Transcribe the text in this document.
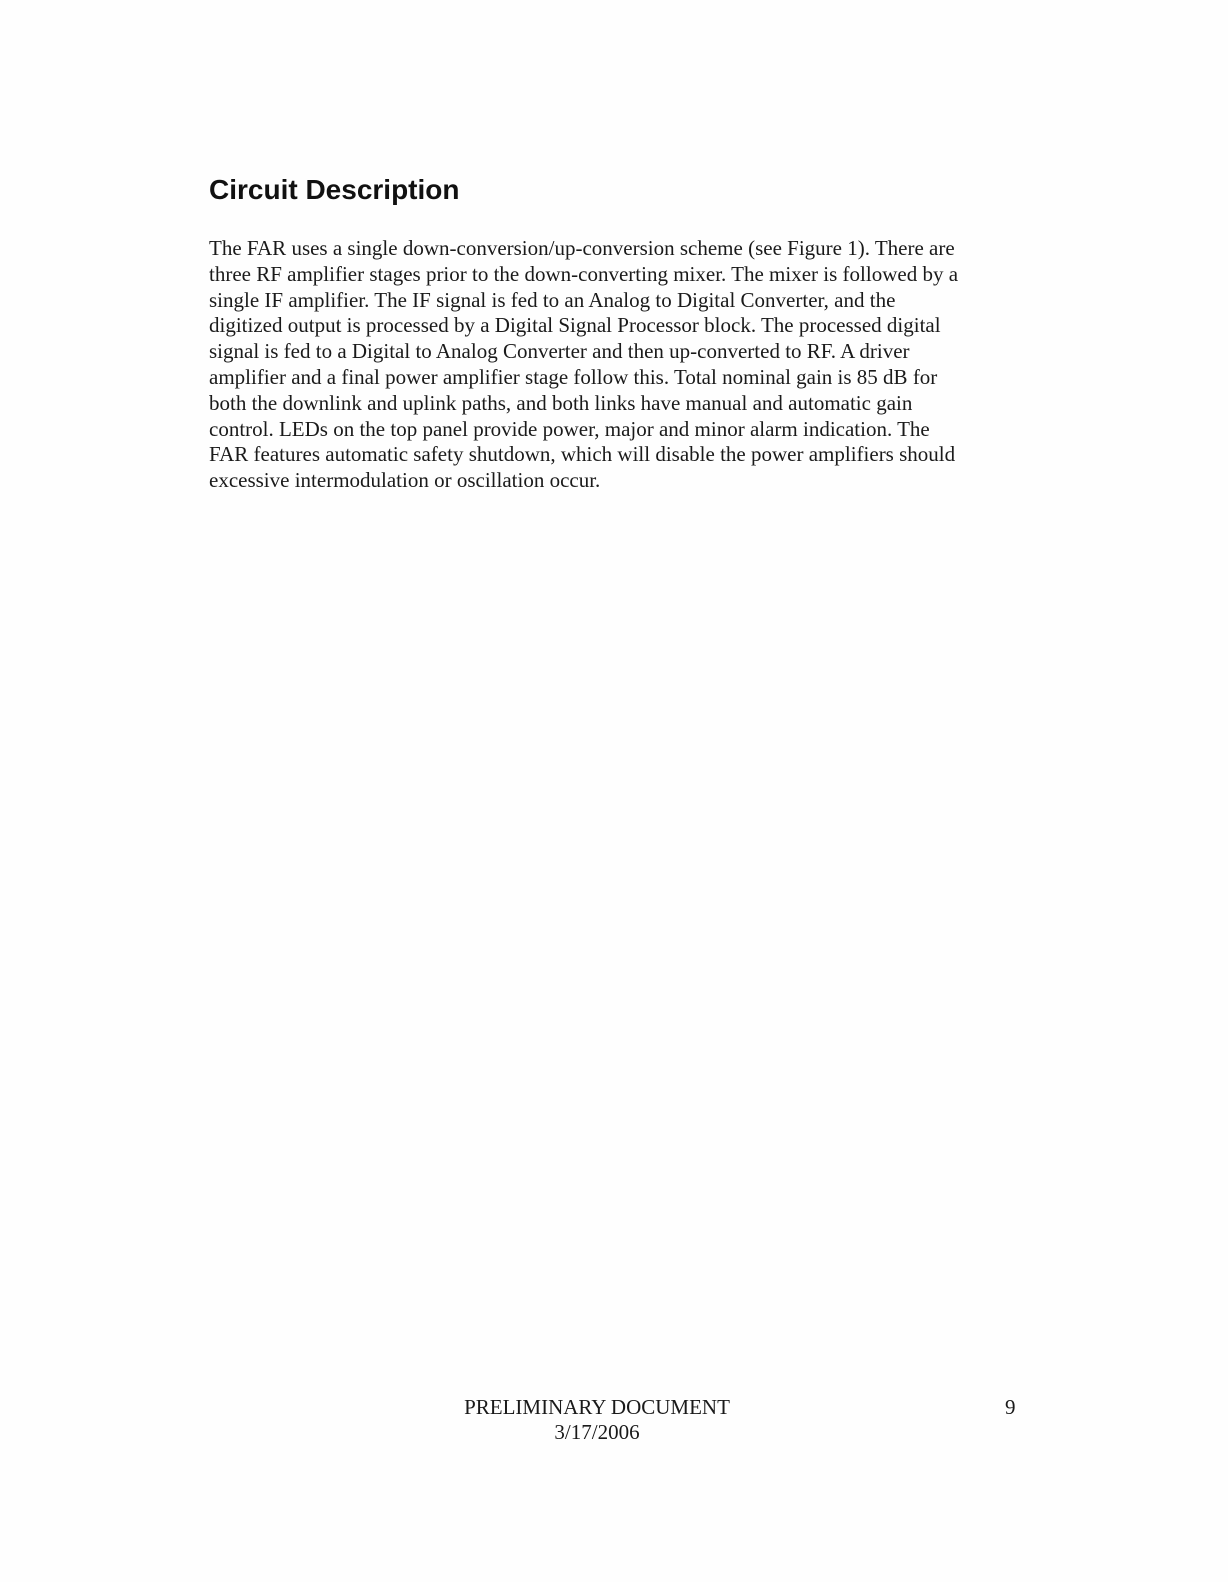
Circuit Description

The FAR uses a single down-conversion/up-conversion scheme (see Figure 1). There are
three RF amplifier stages prior to the down-converting mixer. The mixer is followed by a
single IF amplifier. The IF signal is fed to an Analog to Digital Converter, and the
digitized output is processed by a Digital Signal Processor block. The processed digital
signal is fed to a Digital to Analog Converter and then up-converted to RF. A driver
amplifier and a final power amplifier stage follow this. Total nominal gain is 85 dB for
both the downlink and uplink paths, and both links have manual and automatic gain
control. LEDs on the top panel provide power, major and minor alarm indication. The
FAR features automatic safety shutdown, which will disable the power amplifiers should
excessive intermodulation or oscillation occur.

PRELIMINARY DOCUMENT
3/17/2006
9
